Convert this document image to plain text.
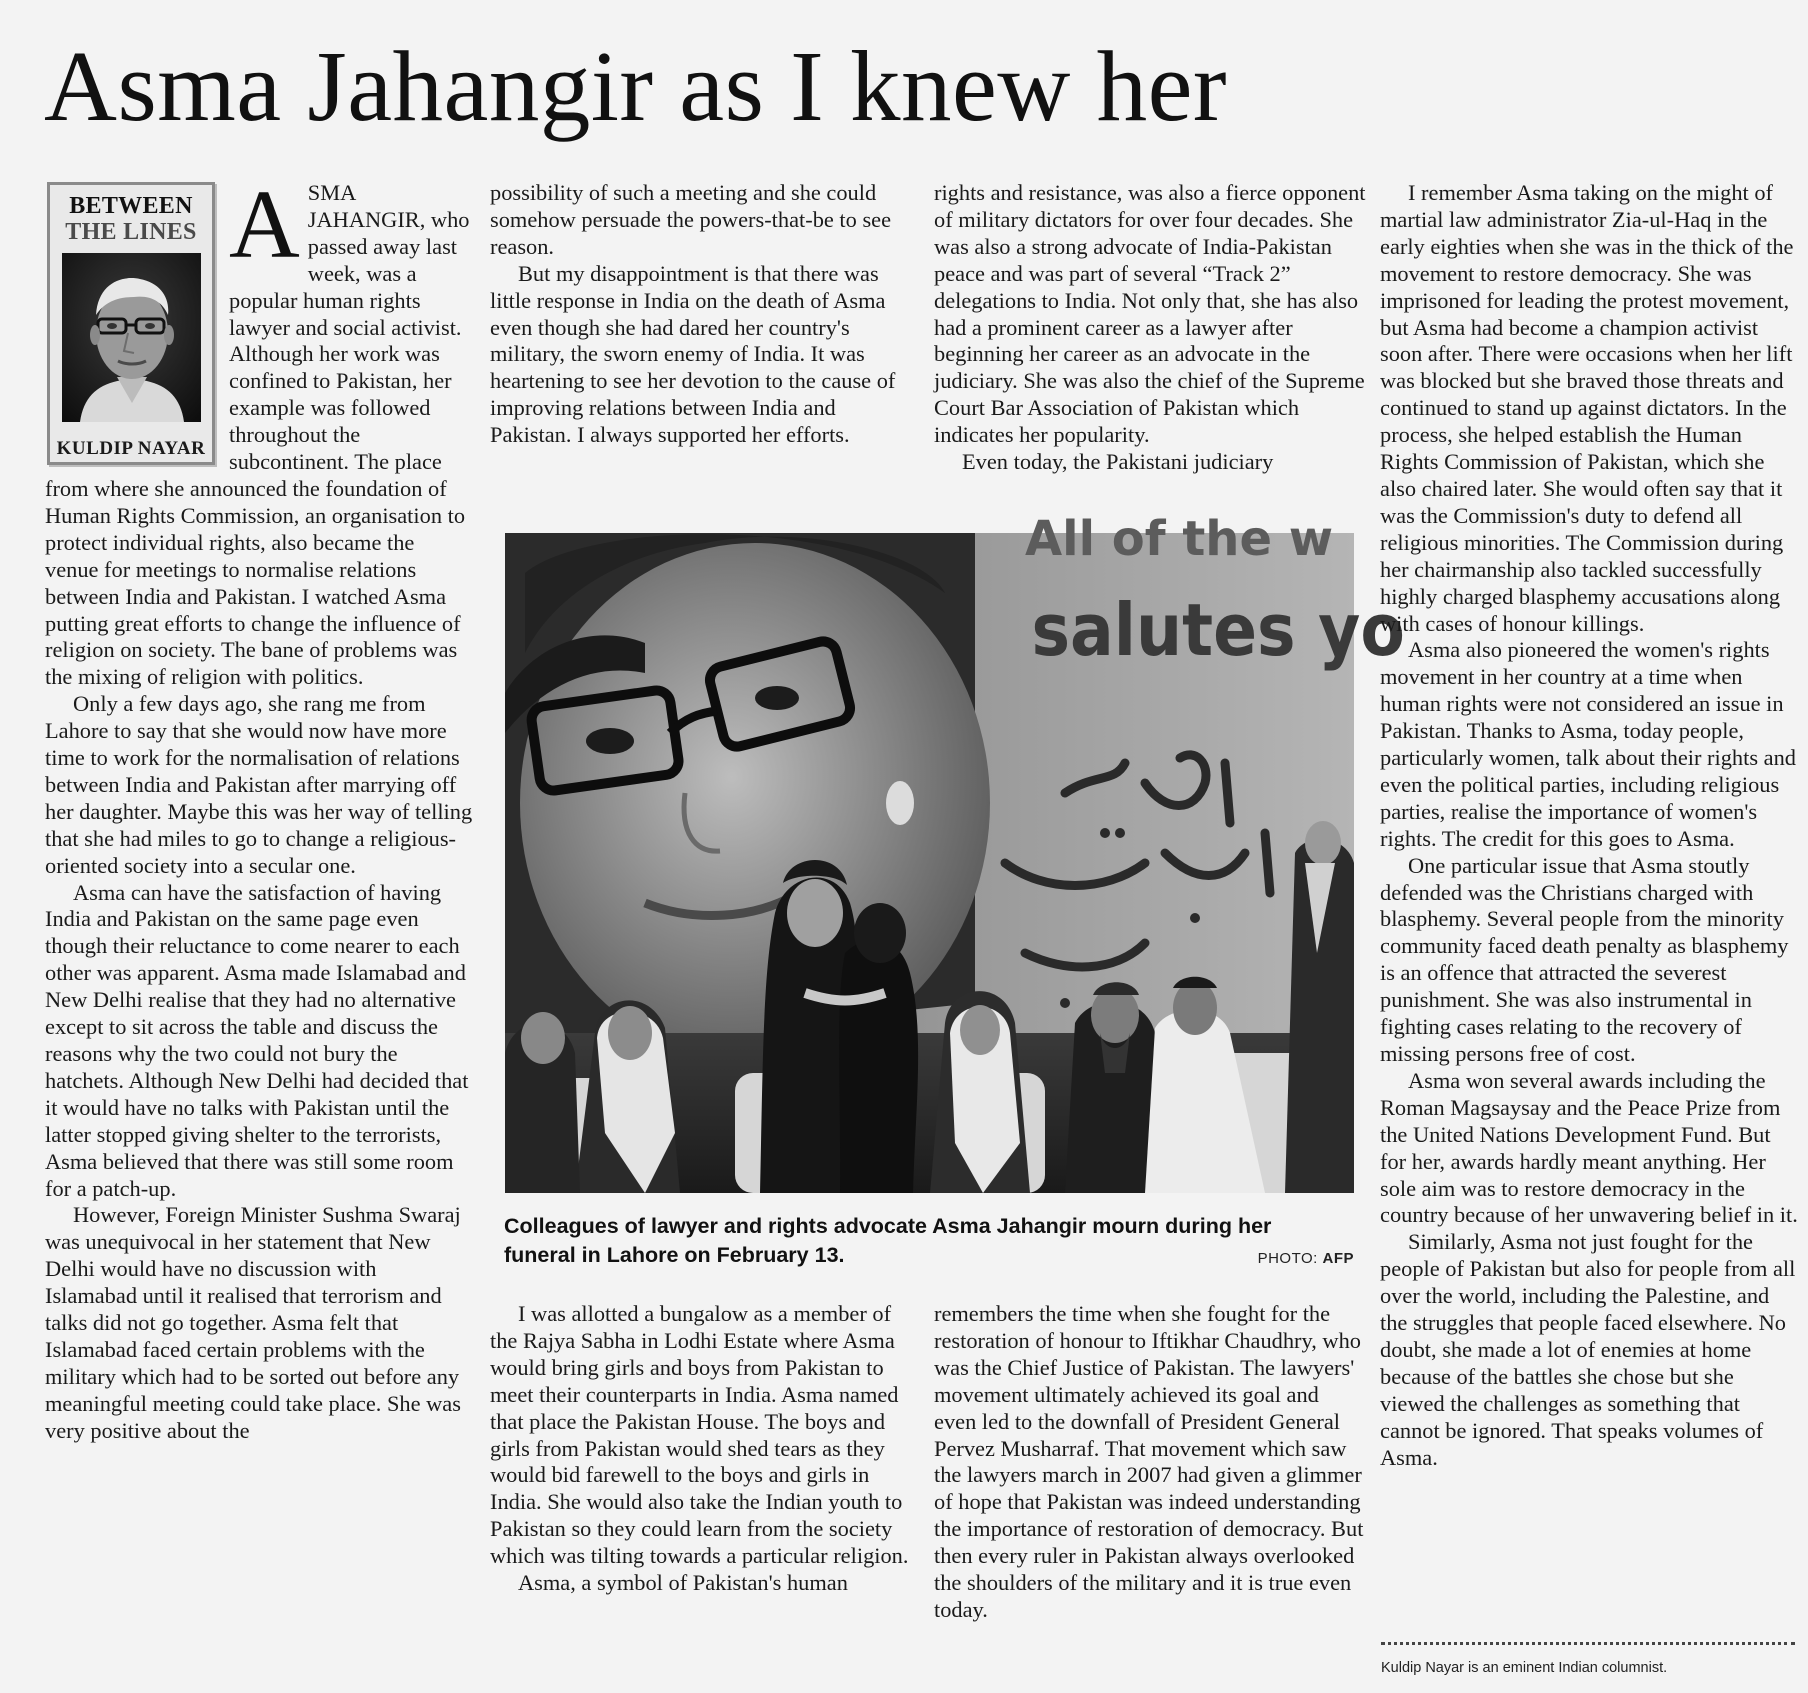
Asma Jahangir as I knew her
BETWEEN
THE LINES
KULDIP NAYAR
A SMA JAHANGIR, who passed away last week, was a popular human rights lawyer and social activist. Although her work was confined to Pakistan, her example was followed throughout the subcontinent. The place from where she announced the foundation of Human Rights Commission, an organisation to protect individual rights, also became the venue for meetings to normalise relations between India and Pakistan. I watched Asma putting great efforts to change the influence of religion on society. The bane of problems was the mixing of religion with politics.

Only a few days ago, she rang me from Lahore to say that she would now have more time to work for the normalisation of relations between India and Pakistan after marrying off her daughter. Maybe this was her way of telling that she had miles to go to change a religious-oriented society into a secular one.

Asma can have the satisfaction of having India and Pakistan on the same page even though their reluctance to come nearer to each other was apparent. Asma made Islamabad and New Delhi realise that they had no alternative except to sit across the table and discuss the reasons why the two could not bury the hatchets. Although New Delhi had decided that it would have no talks with Pakistan until the latter stopped giving shelter to the terrorists, Asma believed that there was still some room for a patch-up.

However, Foreign Minister Sushma Swaraj was unequivocal in her statement that New Delhi would have no discussion with Islamabad until it realised that terrorism and talks did not go together. Asma felt that Islamabad faced certain problems with the military which had to be sorted out before any meaningful meeting could take place. She was very positive about the

possibility of such a meeting and she could somehow persuade the powers-that-be to see reason.

But my disappointment is that there was little response in India on the death of Asma even though she had dared her country's military, the sworn enemy of India. It was heartening to see her devotion to the cause of improving relations between India and Pakistan. I always supported her efforts.

rights and resistance, was also a fierce opponent of military dictators for over four decades. She was also a strong advocate of India-Pakistan peace and was part of several “Track 2” delegations to India. Not only that, she has also had a prominent career as a lawyer after beginning her career as an advocate in the judiciary. She was also the chief of the Supreme Court Bar Association of Pakistan which indicates her popularity.

Even today, the Pakistani judiciary

All of the w
salutes yo
Colleagues of lawyer and rights advocate Asma Jahangir mourn during her funeral in Lahore on February 13.	PHOTO: AFP

I was allotted a bungalow as a member of the Rajya Sabha in Lodhi Estate where Asma would bring girls and boys from Pakistan to meet their counterparts in India. Asma named that place the Pakistan House. The boys and girls from Pakistan would shed tears as they would bid farewell to the boys and girls in India. She would also take the Indian youth to Pakistan so they could learn from the society which was tilting towards a particular religion.

Asma, a symbol of Pakistan's human

remembers the time when she fought for the restoration of honour to Iftikhar Chaudhry, who was the Chief Justice of Pakistan. The lawyers' movement ultimately achieved its goal and even led to the downfall of President General Pervez Musharraf. That movement which saw the lawyers march in 2007 had given a glimmer of hope that Pakistan was indeed understanding the importance of restoration of democracy. But then every ruler in Pakistan always overlooked the shoulders of the military and it is true even today.

I remember Asma taking on the might of martial law administrator Zia-ul-Haq in the early eighties when she was in the thick of the movement to restore democracy. She was imprisoned for leading the protest movement, but Asma had become a champion activist soon after. There were occasions when her lift was blocked but she braved those threats and continued to stand up against dictators. In the process, she helped establish the Human Rights Commission of Pakistan, which she also chaired later. She would often say that it was the Commission's duty to defend all religious minorities. The Commission during her chairmanship also tackled successfully highly charged blasphemy accusations along with cases of honour killings.

Asma also pioneered the women's rights movement in her country at a time when human rights were not considered an issue in Pakistan. Thanks to Asma, today people, particularly women, talk about their rights and even the political parties, including religious parties, realise the importance of women's rights. The credit for this goes to Asma.

One particular issue that Asma stoutly defended was the Christians charged with blasphemy. Several people from the minority community faced death penalty as blasphemy is an offence that attracted the severest punishment. She was also instrumental in fighting cases relating to the recovery of missing persons free of cost.

Asma won several awards including the Roman Magsaysay and the Peace Prize from the United Nations Development Fund. But for her, awards hardly meant anything. Her sole aim was to restore democracy in the country because of her unwavering belief in it.

Similarly, Asma not just fought for the people of Pakistan but also for people from all over the world, including the Palestine, and the struggles that people faced elsewhere. No doubt, she made a lot of enemies at home because of the battles she chose but she viewed the challenges as something that cannot be ignored. That speaks volumes of Asma.

Kuldip Nayar is an eminent Indian columnist.
